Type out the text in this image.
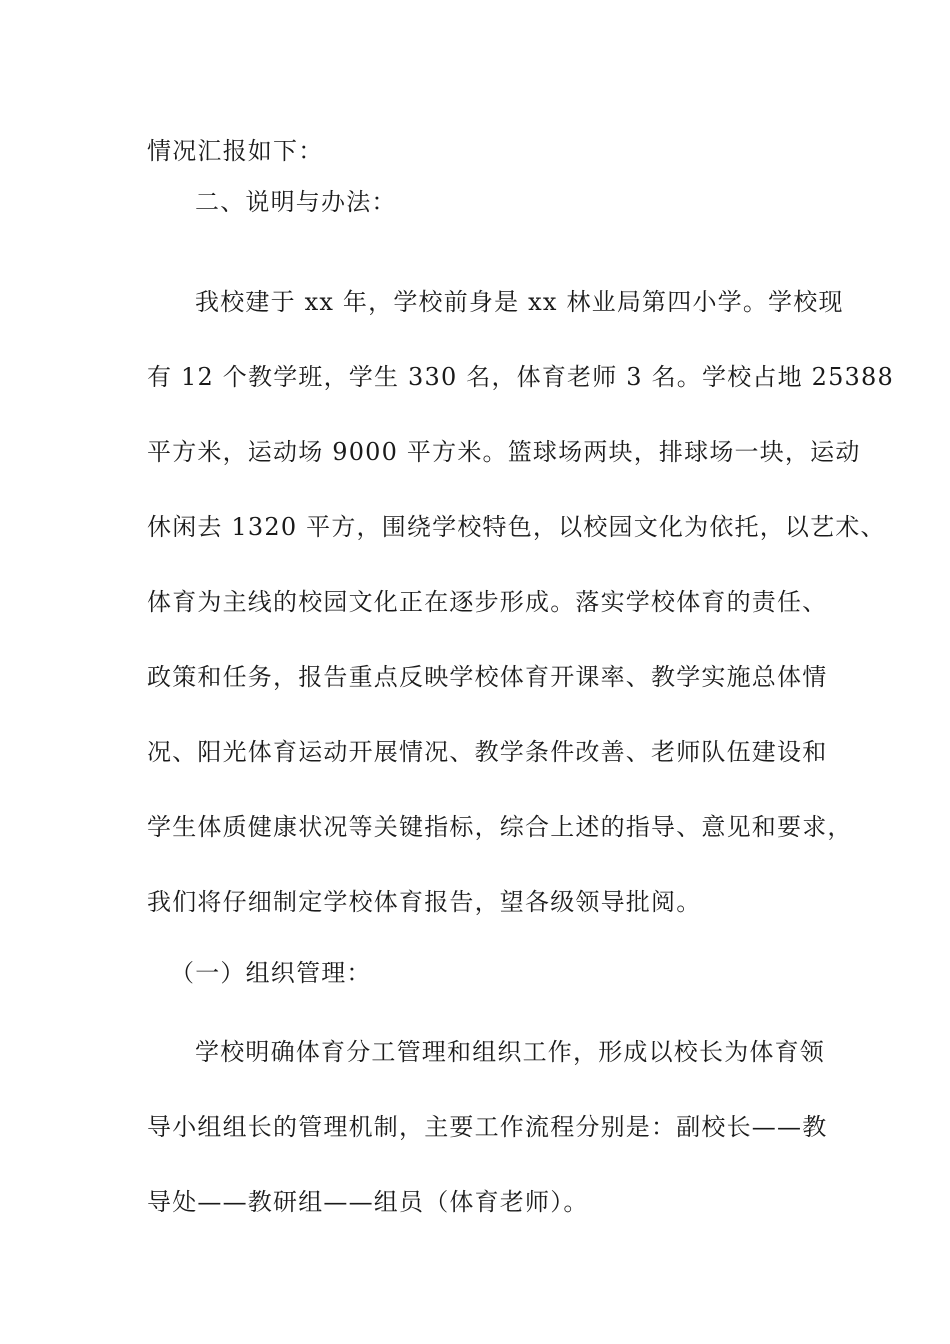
情况汇报如下：
二、说明与办法：
我校建于 xx 年，学校前身是 xx 林业局第四小学。学校现
有 12 个教学班，学生 330 名，体育老师 3 名。学校占地 25388
平方米，运动场 9000 平方米。篮球场两块，排球场一块，运动
休闲去 1320 平方，围绕学校特色，以校园文化为依托，以艺术、
体育为主线的校园文化正在逐步形成。落实学校体育的责任、
政策和任务，报告重点反映学校体育开课率、教学实施总体情
况、阳光体育运动开展情况、教学条件改善、老师队伍建设和
学生体质健康状况等关键指标，综合上述的指导、意见和要求，
我们将仔细制定学校体育报告，望各级领导批阅。
（一）组织管理：
学校明确体育分工管理和组织工作，形成以校长为体育领
导小组组长的管理机制，主要工作流程分别是：副校长——教
导处——教研组——组员（体育老师）。
